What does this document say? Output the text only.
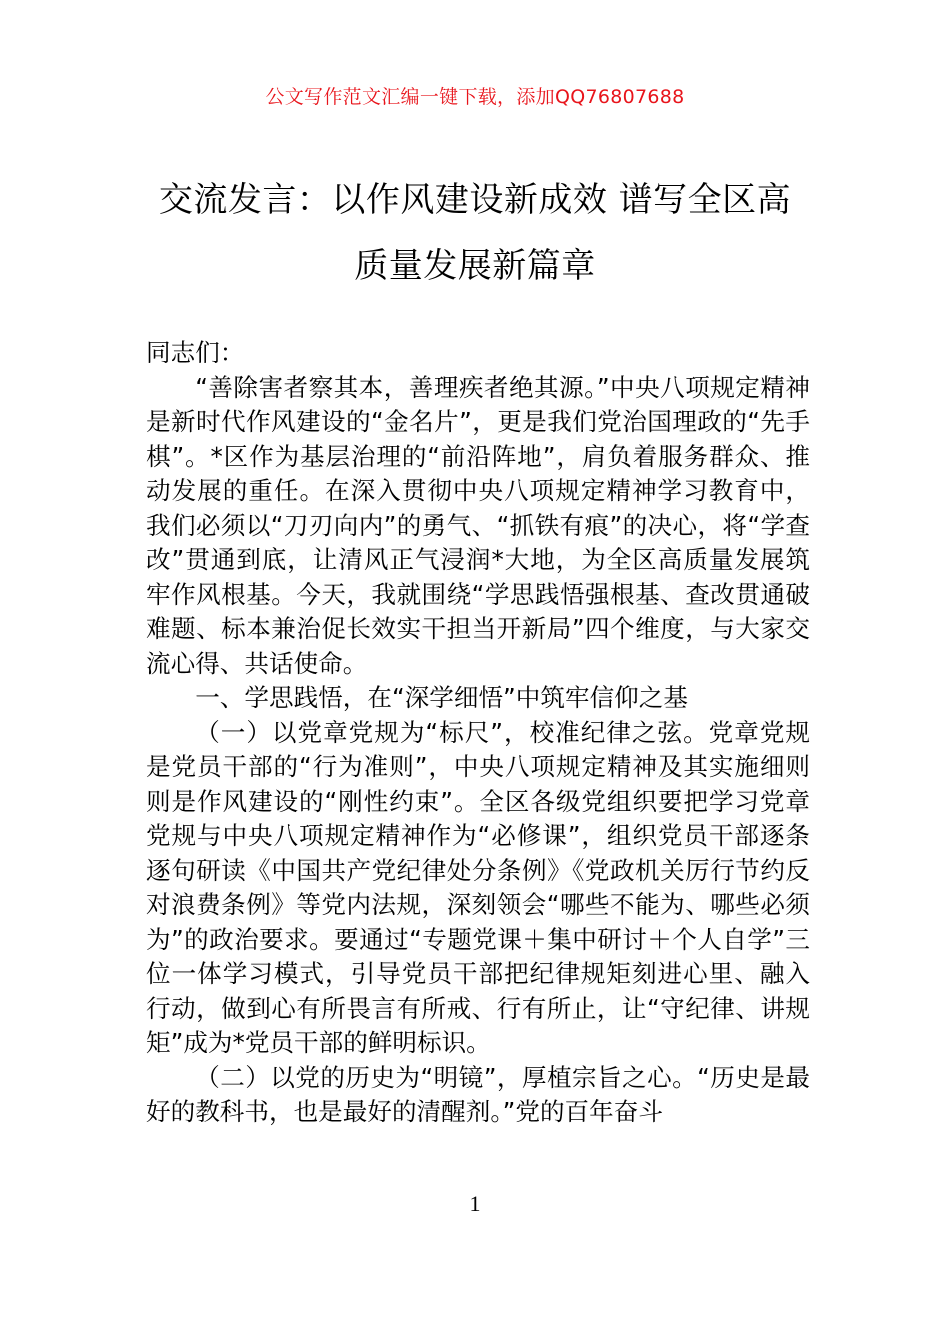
公文写作范文汇编一键下载，添加QQ76807688
交流发言：以作风建设新成效 谱写全区高
质量发展新篇章

同志们：

“善除害者察其本，善理疾者绝其源。”中央八项规定精神是新时代作风建设的“金名片”，更是我们党治国理政的“先手棋”。*区作为基层治理的“前沿阵地”，肩负着服务群众、推动发展的重任。在深入贯彻中央八项规定精神学习教育中，我们必须以“刀刃向内”的勇气、“抓铁有痕”的决心，将“学查改”贯通到底，让清风正气浸润*大地，为全区高质量发展筑牢作风根基。今天，我就围绕“学思践悟强根基、查改贯通破难题、标本兼治促长效实干担当开新局”四个维度，与大家交流心得、共话使命。

一、学思践悟，在“深学细悟”中筑牢信仰之基

（一）以党章党规为“标尺”，校准纪律之弦。党章党规是党员干部的“行为准则”，中央八项规定精神及其实施细则则是作风建设的“刚性约束”。全区各级党组织要把学习党章党规与中央八项规定精神作为“必修课”，组织党员干部逐条逐句研读《中国共产党纪律处分条例》《党政机关厉行节约反对浪费条例》等党内法规，深刻领会“哪些不能为、哪些必须为”的政治要求。要通过“专题党课＋集中研讨＋个人自学”三位一体学习模式，引导党员干部把纪律规矩刻进心里、融入行动，做到心有所畏言有所戒、行有所止，让“守纪律、讲规矩”成为*党员干部的鲜明标识。

（二）以党的历史为“明镜”，厚植宗旨之心。“历史是最好的教科书，也是最好的清醒剂。”党的百年奋斗

1
